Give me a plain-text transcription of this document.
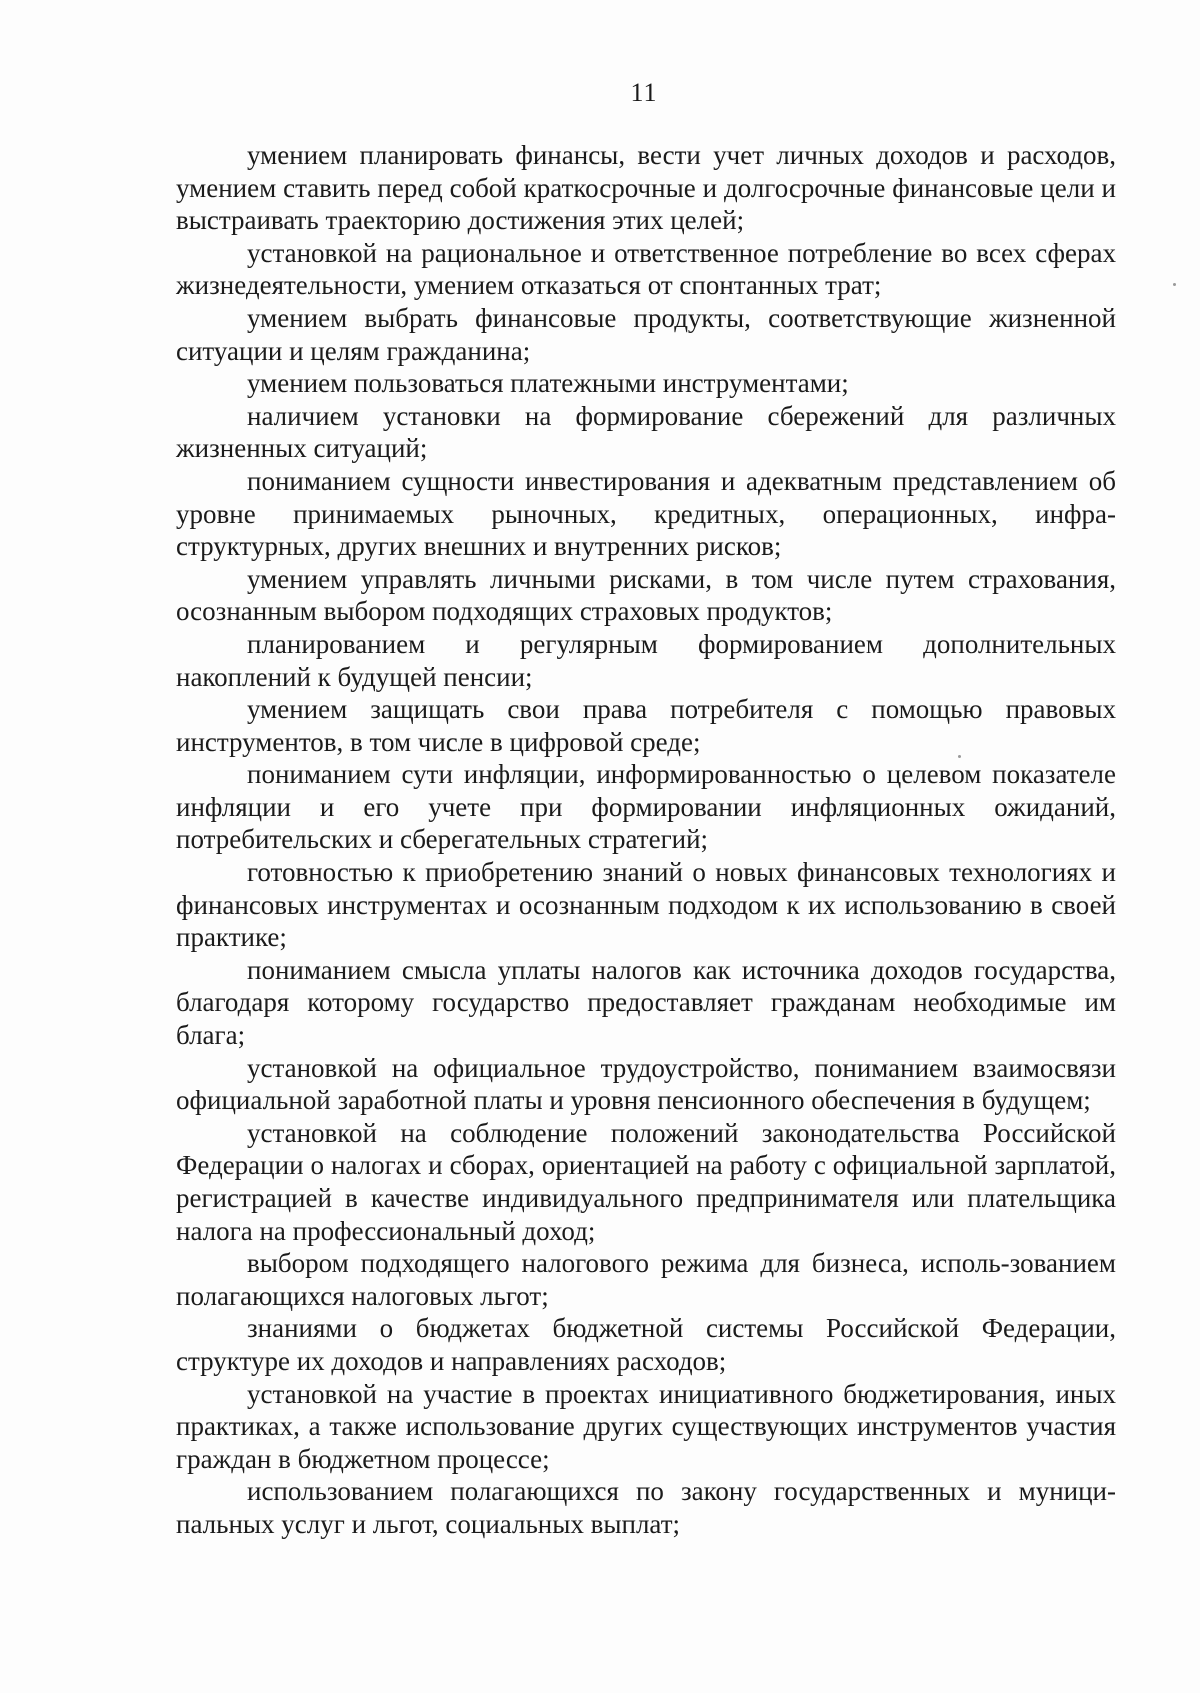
11

умением планировать финансы, вести учет личных доходов и расходов, умением ставить перед собой краткосрочные и долгосрочные финансовые цели и выстраивать траекторию достижения этих целей;

установкой на рациональное и ответственное потребление во всех сферах жизнедеятельности, умением отказаться от спонтанных трат;

умением выбрать финансовые продукты, соответствующие жизненной ситуации и целям гражданина;

умением пользоваться платежными инструментами;

наличием установки на формирование сбережений для различных жизненных ситуаций;

пониманием сущности инвестирования и адекватным представлением об уровне принимаемых рыночных, кредитных, операционных, инфра-структурных, других внешних и внутренних рисков;

умением управлять личными рисками, в том числе путем страхования, осознанным выбором подходящих страховых продуктов;

планированием и регулярным формированием дополнительных накоплений к будущей пенсии;

умением защищать свои права потребителя с помощью правовых инструментов, в том числе в цифровой среде;

пониманием сути инфляции, информированностью о целевом показателе инфляции и его учете при формировании инфляционных ожиданий, потребительских и сберегательных стратегий;

готовностью к приобретению знаний о новых финансовых технологиях и финансовых инструментах и осознанным подходом к их использованию в своей практике;

пониманием смысла уплаты налогов как источника доходов государства, благодаря которому государство предоставляет гражданам необходимые им блага;

установкой на официальное трудоустройство, пониманием взаимосвязи официальной заработной платы и уровня пенсионного обеспечения в будущем;

установкой на соблюдение положений законодательства Российской Федерации о налогах и сборах, ориентацией на работу с официальной зарплатой, регистрацией в качестве индивидуального предпринимателя или плательщика налога на профессиональный доход;

выбором подходящего налогового режима для бизнеса, исполь-зованием полагающихся налоговых льгот;

знаниями о бюджетах бюджетной системы Российской Федерации, структуре их доходов и направлениях расходов;

установкой на участие в проектах инициативного бюджетирования, иных практиках, а также использование других существующих инструментов участия граждан в бюджетном процессе;

использованием полагающихся по закону государственных и муници-пальных услуг и льгот, социальных выплат;
